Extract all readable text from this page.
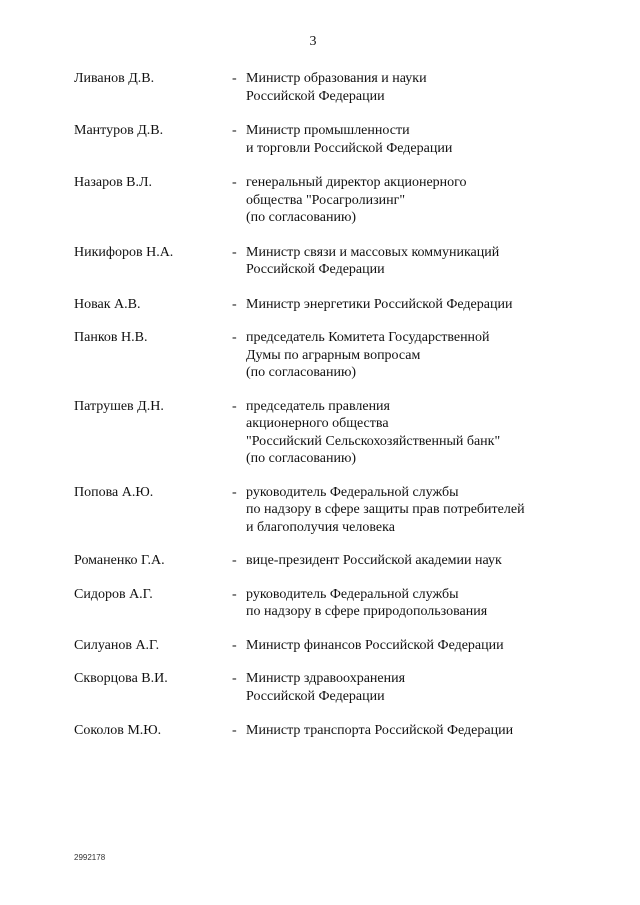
3
Ливанов Д.В.	- Министр образования и науки
Российской Федерации
Мантуров Д.В.	- Министр промышленности
и торговли Российской Федерации
Назаров В.Л.	- генеральный директор акционерного
общества "Росагролизинг"
(по согласованию)
Никифоров Н.А.	- Министр связи и массовых коммуникаций
Российской Федерации
Новак А.В.	- Министр энергетики Российской Федерации
Панков Н.В.	- председатель Комитета Государственной
Думы по аграрным вопросам
(по согласованию)
Патрушев Д.Н.	- председатель правления
акционерного общества
"Российский Сельскохозяйственный банк"
(по согласованию)
Попова А.Ю.	- руководитель Федеральной службы
по надзору в сфере защиты прав потребителей
и благополучия человека
Романенко Г.А.	- вице-президент Российской академии наук
Сидоров А.Г.	- руководитель Федеральной службы
по надзору в сфере природопользования
Силуанов А.Г.	- Министр финансов Российской Федерации
Скворцова В.И.	- Министр здравоохранения
Российской Федерации
Соколов М.Ю.	- Министр транспорта Российской Федерации
2992178
